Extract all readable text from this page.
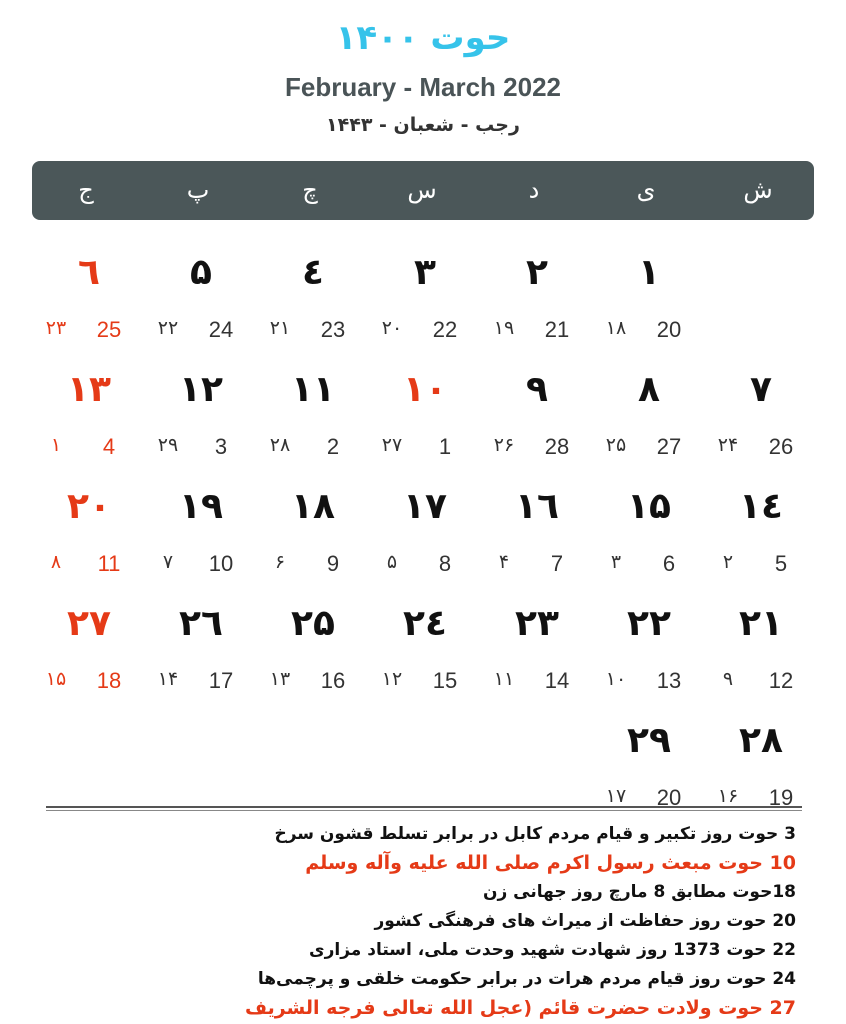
حوت ۱۴۰۰
February - March 2022
رجب - شعبان - ۱۴۴۳
ش
ی
د
س
چ
پ
ج
۱
20
۱۸
۲
21
۱۹
۳
22
۲۰
٤
23
۲۱
۵
24
۲۲
٦
25
۲۳
۷
26
۲۴
۸
27
۲۵
۹
28
۲۶
۱۰
1
۲۷
۱۱
2
۲۸
۱۲
3
۲۹
۱۳
4
۱
۱٤
5
۲
۱۵
6
۳
۱٦
7
۴
۱۷
8
۵
۱۸
9
۶
۱۹
10
۷
۲۰
11
۸
۲۱
12
۹
۲۲
13
۱۰
۲۳
14
۱۱
۲٤
15
۱۲
۲۵
16
۱۳
۲٦
17
۱۴
۲۷
18
۱۵
۲۸
19
۱۶
۲۹
20
۱۷
3 حوت روز تکبیر و قیام مردم کابل در برابر تسلط قشون سرخ
10 حوت مبعث رسول اکرم صلی الله علیه وآله وسلم
18حوت مطابق 8 مارچ روز جهانی زن
20 حوت روز حفاظت از میراث های فرهنگی کشور
22 حوت 1373 روز شهادت شهید وحدت ملی، استاد مزاری
24 حوت روز قیام مردم هرات در برابر حکومت خلقی و پرچمی‌ها
27 حوت ولادت حضرت قائم (عجل الله تعالی فرجه الشریف
